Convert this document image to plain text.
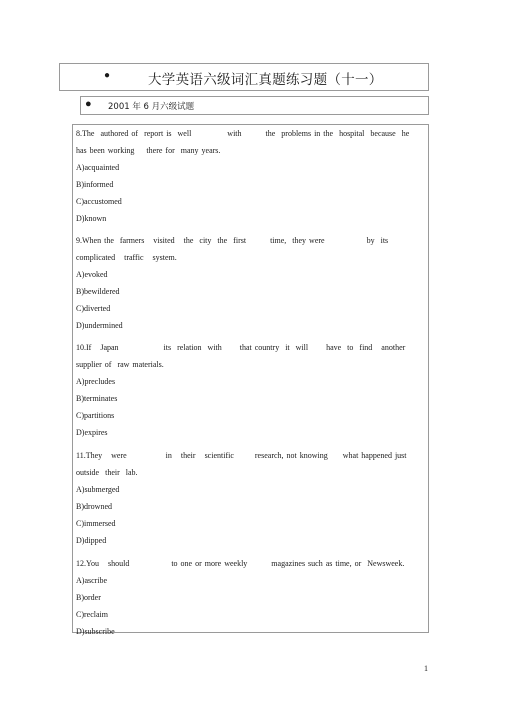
●	大学英语六级词汇真题练习题（十一）
● 2001 年 6 月六级试题
8.The  authored of  report is  well            with        the  problems in the  hospital  because  he  has been working    there for  many years.
A)acquainted
B)informed
C)accustomed
D)known
9.When the  farmers   visited   the  city  the  first        time,  they were              by  its   complicated   traffic   system.
A)evoked
B)bewildered
C)diverted
D)undermined
10.If   Japan               its  relation  with      that country  it  will      have  to  find   another supplier of  raw materials.
A)precludes
B)terminates
C)partitions
D)expires
11.They   were             in   their   scientific       research, not knowing     what happened just  outside  their  lab.
A)submerged
B)drowned
C)immersed
D)dipped
12.You   should              to one or more weekly        magazines such as time, or  Newsweek.
A)ascribe
B)order
C)reclaim
D)subscribe
1
